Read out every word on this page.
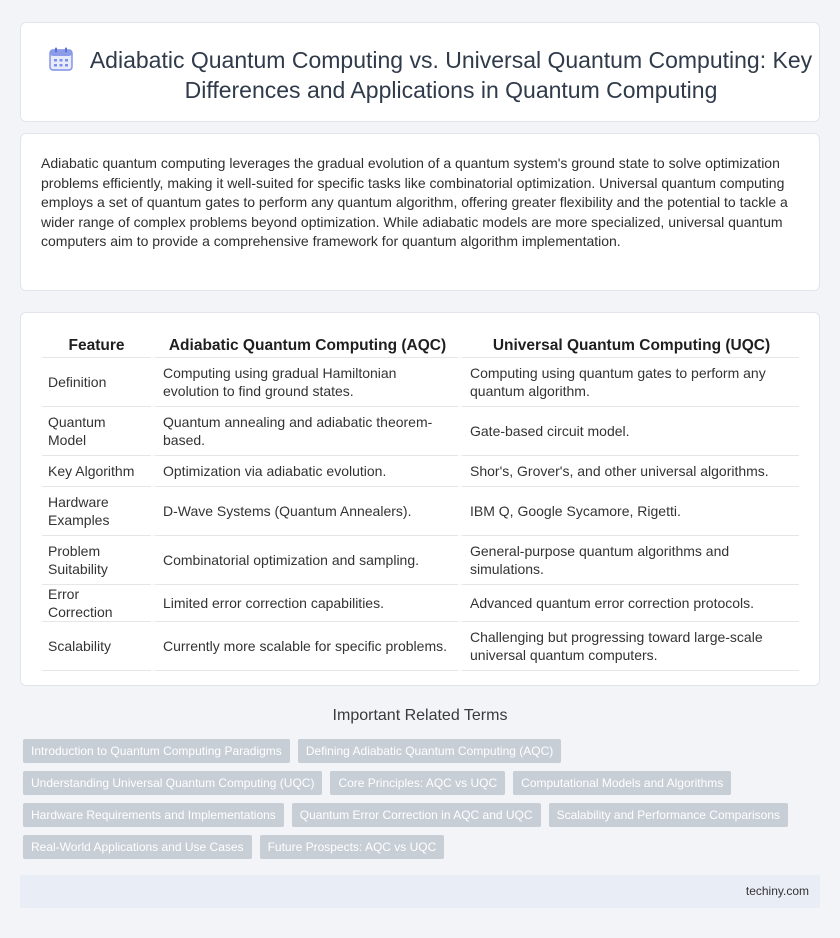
Adiabatic Quantum Computing vs. Universal Quantum Computing: Key Differences and Applications in Quantum Computing

Adiabatic quantum computing leverages the gradual evolution of a quantum system's ground state to solve optimization problems efficiently, making it well-suited for specific tasks like combinatorial optimization. Universal quantum computing employs a set of quantum gates to perform any quantum algorithm, offering greater flexibility and the potential to tackle a wider range of complex problems beyond optimization. While adiabatic models are more specialized, universal quantum computers aim to provide a comprehensive framework for quantum algorithm implementation.

Feature	Adiabatic Quantum Computing (AQC)	Universal Quantum Computing (UQC)
Definition	Computing using gradual Hamiltonian evolution to find ground states.	Computing using quantum gates to perform any quantum algorithm.
Quantum Model	Quantum annealing and adiabatic theorem-based.	Gate-based circuit model.
Key Algorithm	Optimization via adiabatic evolution.	Shor's, Grover's, and other universal algorithms.
Hardware Examples	D-Wave Systems (Quantum Annealers).	IBM Q, Google Sycamore, Rigetti.
Problem Suitability	Combinatorial optimization and sampling.	General-purpose quantum algorithms and simulations.
Error Correction	Limited error correction capabilities.	Advanced quantum error correction protocols.
Scalability	Currently more scalable for specific problems.	Challenging but progressing toward large-scale universal quantum computers.
Important Related Terms
Introduction to Quantum Computing Paradigms	Defining Adiabatic Quantum Computing (AQC)
Understanding Universal Quantum Computing (UQC)	Core Principles: AQC vs UQC	Computational Models and Algorithms
Hardware Requirements and Implementations	Quantum Error Correction in AQC and UQC	Scalability and Performance Comparisons
Real-World Applications and Use Cases	Future Prospects: AQC vs UQC
techiny.com
